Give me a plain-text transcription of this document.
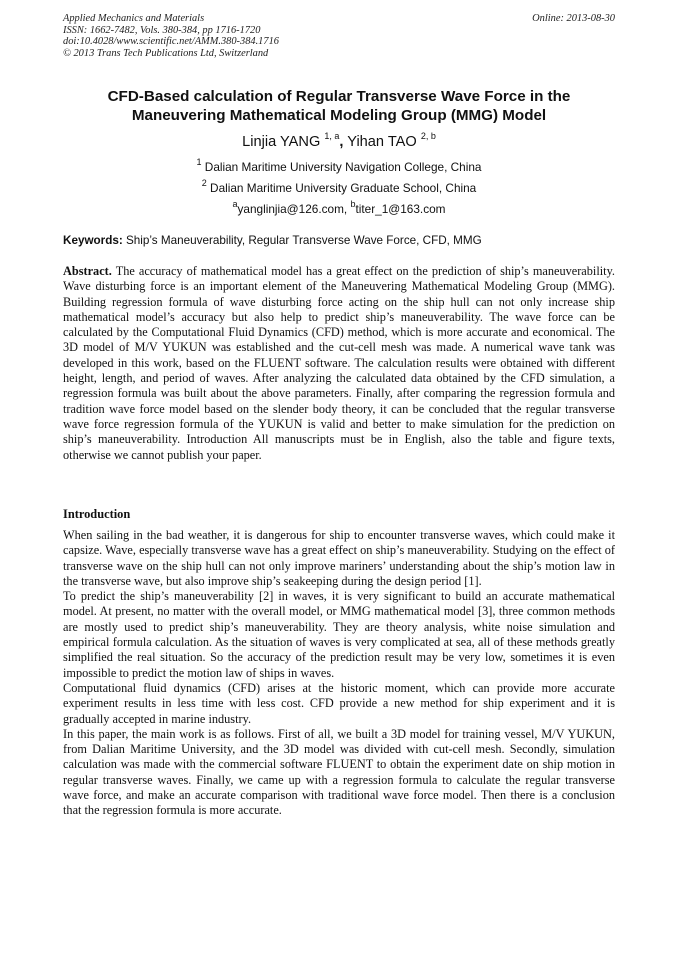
Applied Mechanics and Materials
ISSN: 1662-7482, Vols. 380-384, pp 1716-1720
doi:10.4028/www.scientific.net/AMM.380-384.1716
© 2013 Trans Tech Publications Ltd, Switzerland
Online: 2013-08-30
CFD-Based calculation of Regular Transverse Wave Force in the
Maneuvering Mathematical Modeling Group (MMG) Model
Linjia YANG $^{1, a}$, Yihan TAO $^{2, b}$
$^1$ Dalian Maritime University Navigation College, China
$^2$ Dalian Maritime University Graduate School, China
$^a$yanglinjia@126.com, $^b$titer_1@163.com
Keywords: Ship’s Maneuverability, Regular Transverse Wave Force, CFD, MMG
Abstract. The accuracy of mathematical model has a great effect on the prediction of ship’s maneuverability. Wave disturbing force is an important element of the Maneuvering Mathematical Modeling Group (MMG). Building regression formula of wave disturbing force acting on the ship hull can not only increase ship mathematical model’s accuracy but also help to predict ship’s maneuverability. The wave force can be calculated by the Computational Fluid Dynamics (CFD) method, which is more accurate and economical. The 3D model of M/V YUKUN was established and the cut-cell mesh was made. A numerical wave tank was developed in this work, based on the FLUENT software. The calculation results were obtained with different height, length, and period of waves. After analyzing the calculated data obtained by the CFD simulation, a regression formula was built about the above parameters. Finally, after comparing the regression formula and tradition wave force model based on the slender body theory, it can be concluded that the regular transverse wave force regression formula of the YUKUN is valid and better to make simulation for the prediction on ship’s maneuverability. Introduction All manuscripts must be in English, also the table and figure texts, otherwise we cannot publish your paper.
Introduction

When sailing in the bad weather, it is dangerous for ship to encounter transverse waves, which could make it capsize. Wave, especially transverse wave has a great effect on ship’s maneuverability. Studying on the effect of transverse wave on the ship hull can not only improve mariners’ understanding about the ship’s motion law in the transverse wave, but also improve ship’s seakeeping during the design period [1].

To predict the ship’s maneuverability [2] in waves, it is very significant to build an accurate mathematical model. At present, no matter with the overall model, or MMG mathematical model [3], three common methods are mostly used to predict ship’s maneuverability. They are theory analysis, white noise simulation and empirical formula calculation. As the situation of waves is very complicated at sea, all of these methods greatly simplified the real situation. So the accuracy of the prediction result may be very low, sometimes it is even impossible to predict the motion law of ships in waves.

Computational fluid dynamics (CFD) arises at the historic moment, which can provide more accurate experiment results in less time with less cost. CFD provide a new method for ship experiment and it is gradually accepted in marine industry.

In this paper, the main work is as follows. First of all, we built a 3D model for training vessel, M/V YUKUN, from Dalian Maritime University, and the 3D model was divided with cut-cell mesh. Secondly, simulation calculation was made with the commercial software FLUENT to obtain the experiment date on ship motion in regular transverse waves. Finally, we came up with a regression formula to calculate the regular transverse wave force, and make an accurate comparison with traditional wave force model. Then there is a conclusion that the regression formula is more accurate.
